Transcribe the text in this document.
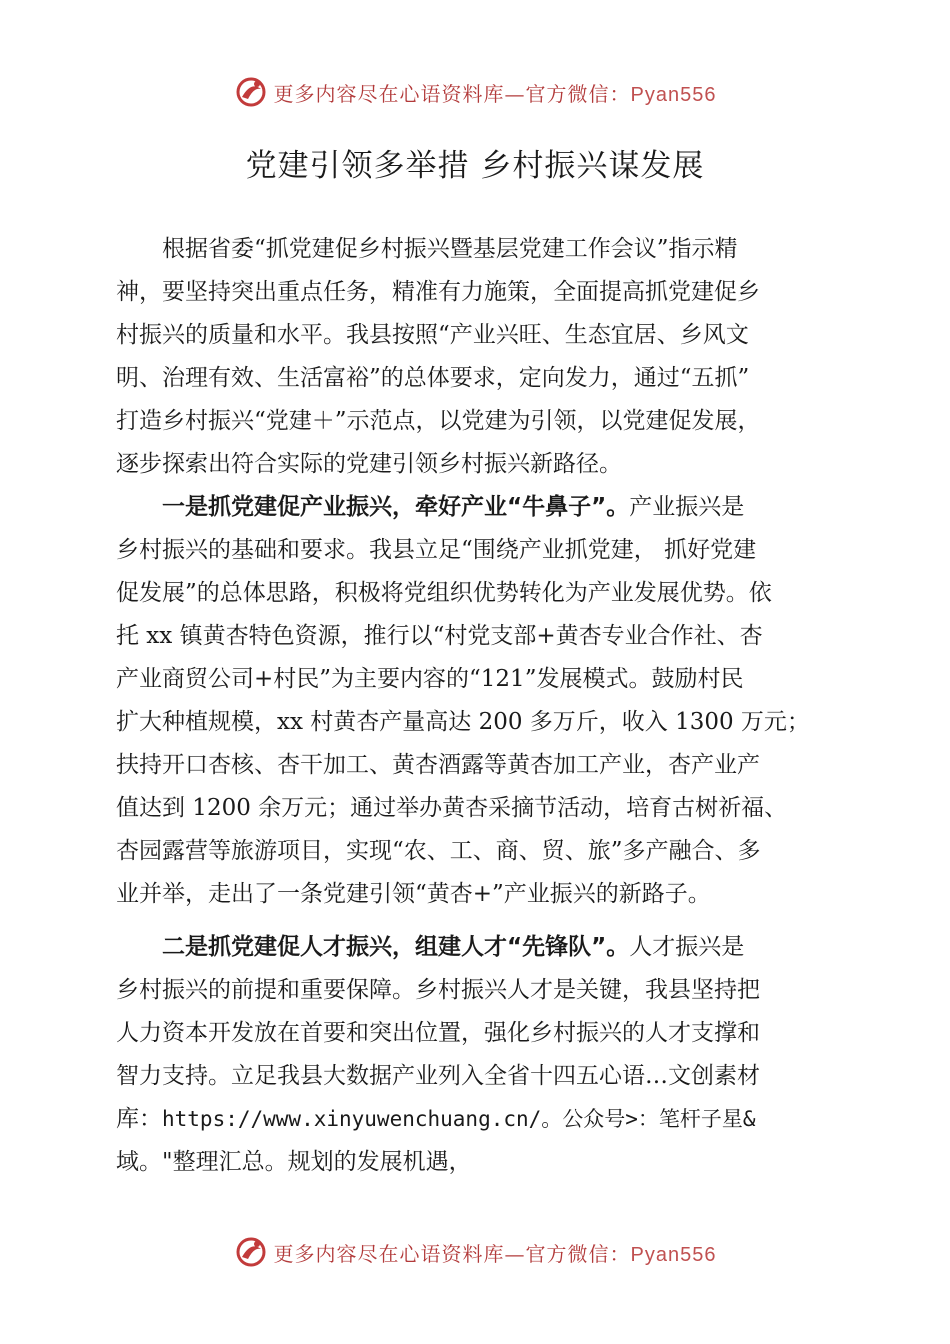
更多内容尽在心语资料库—官方微信：Pyan556
党建引领多举措 乡村振兴谋发展
　　根据省委“抓党建促乡村振兴暨基层党建工作会议”指示精
神，要坚持突出重点任务，精准有力施策，全面提高抓党建促乡
村振兴的质量和水平。我县按照“产业兴旺、生态宜居、乡风文
明、治理有效、生活富裕”的总体要求，定向发力，通过“五抓”
打造乡村振兴“党建＋”示范点，以党建为引领，以党建促发展，
逐步探索出符合实际的党建引领乡村振兴新路径。
　　一是抓党建促产业振兴，牵好产业“牛鼻子”。产业振兴是
乡村振兴的基础和要求。我县立足“围绕产业抓党建， 抓好党建
促发展”的总体思路，积极将党组织优势转化为产业发展优势。依
托 xx 镇黄杏特色资源，推行以“村党支部+黄杏专业合作社、杏
产业商贸公司+村民”为主要内容的“121”发展模式。鼓励村民
扩大种植规模，xx 村黄杏产量高达 200 多万斤，收入 1300 万元；
扶持开口杏核、杏干加工、黄杏酒露等黄杏加工产业，杏产业产
值达到 1200 余万元；通过举办黄杏采摘节活动，培育古树祈福、
杏园露营等旅游项目，实现“农、工、商、贸、旅”多产融合、多
业并举，走出了一条党建引领“黄杏+”产业振兴的新路子。
　　二是抓党建促人才振兴，组建人才“先锋队”。人才振兴是
乡村振兴的前提和重要保障。乡村振兴人才是关键，我县坚持把
人力资本开发放在首要和突出位置，强化乡村振兴的人才支撑和
智力支持。立足我县大数据产业列入全省十四五心语…文创素材
库：https://www.xinyuwenchuang.cn/。公众号>：笔杆子星&
域。"整理汇总。规划的发展机遇，
更多内容尽在心语资料库—官方微信：Pyan556
